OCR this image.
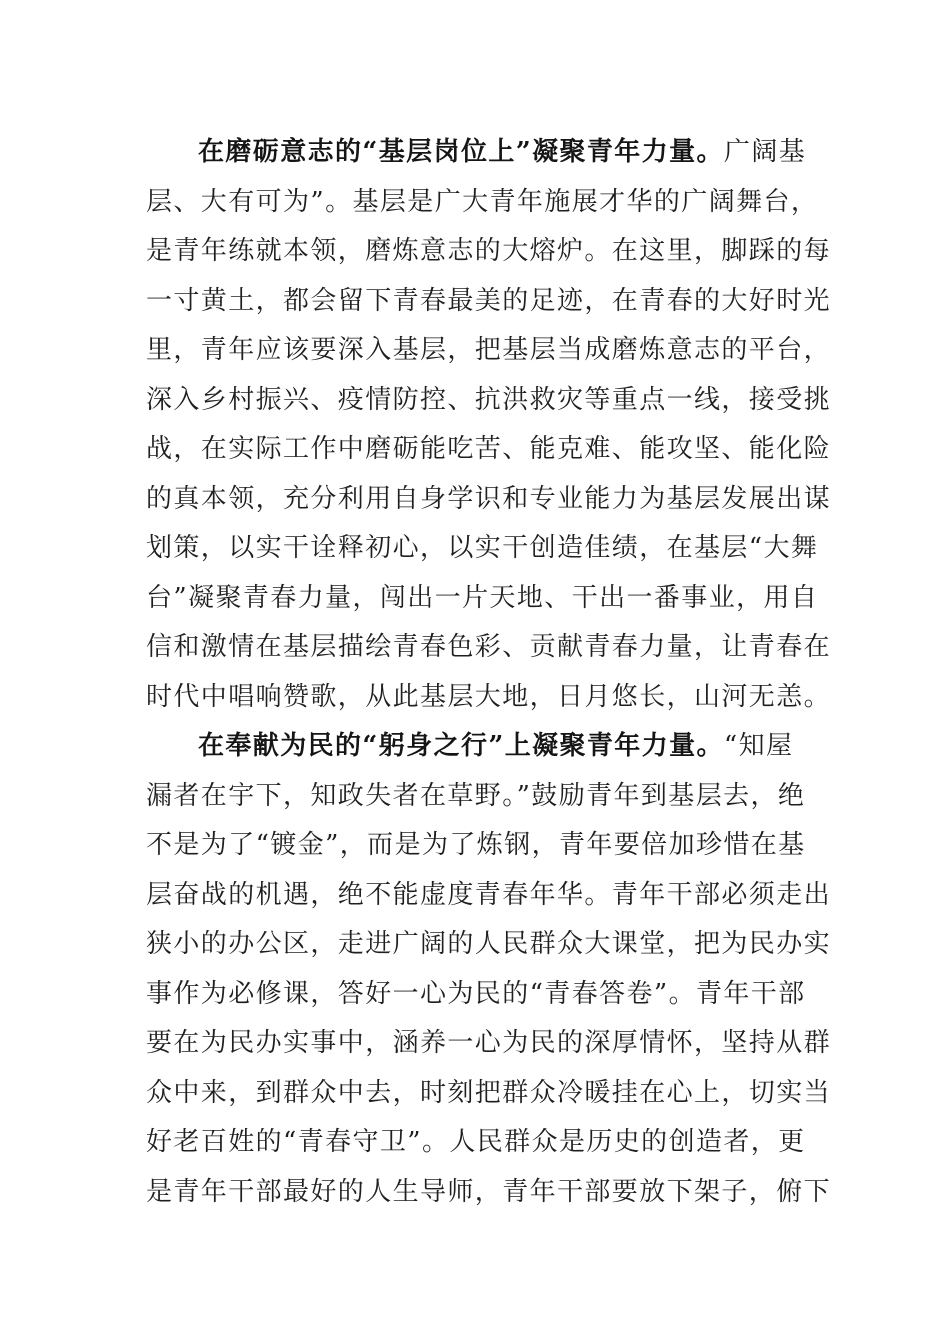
在磨砺意志的“基层岗位上”凝聚青年力量。广阔基
层、大有可为”。基层是广大青年施展才华的广阔舞台，
是青年练就本领，磨炼意志的大熔炉。在这里，脚踩的每
一寸黄土，都会留下青春最美的足迹，在青春的大好时光
里，青年应该要深入基层，把基层当成磨炼意志的平台，
深入乡村振兴、疫情防控、抗洪救灾等重点一线，接受挑
战，在实际工作中磨砺能吃苦、能克难、能攻坚、能化险
的真本领，充分利用自身学识和专业能力为基层发展出谋
划策，以实干诠释初心，以实干创造佳绩，在基层“大舞
台”凝聚青春力量，闯出一片天地、干出一番事业，用自
信和激情在基层描绘青春色彩、贡献青春力量，让青春在
时代中唱响赞歌，从此基层大地，日月悠长，山河无恙。
在奉献为民的“躬身之行”上凝聚青年力量。“知屋
漏者在宇下，知政失者在草野。”鼓励青年到基层去，绝
不是为了“镀金”，而是为了炼钢，青年要倍加珍惜在基
层奋战的机遇，绝不能虚度青春年华。青年干部必须走出
狭小的办公区，走进广阔的人民群众大课堂，把为民办实
事作为必修课，答好一心为民的“青春答卷”。青年干部
要在为民办实事中，涵养一心为民的深厚情怀，坚持从群
众中来，到群众中去，时刻把群众冷暖挂在心上，切实当
好老百姓的“青春守卫”。人民群众是历史的创造者，更
是青年干部最好的人生导师，青年干部要放下架子，俯下
